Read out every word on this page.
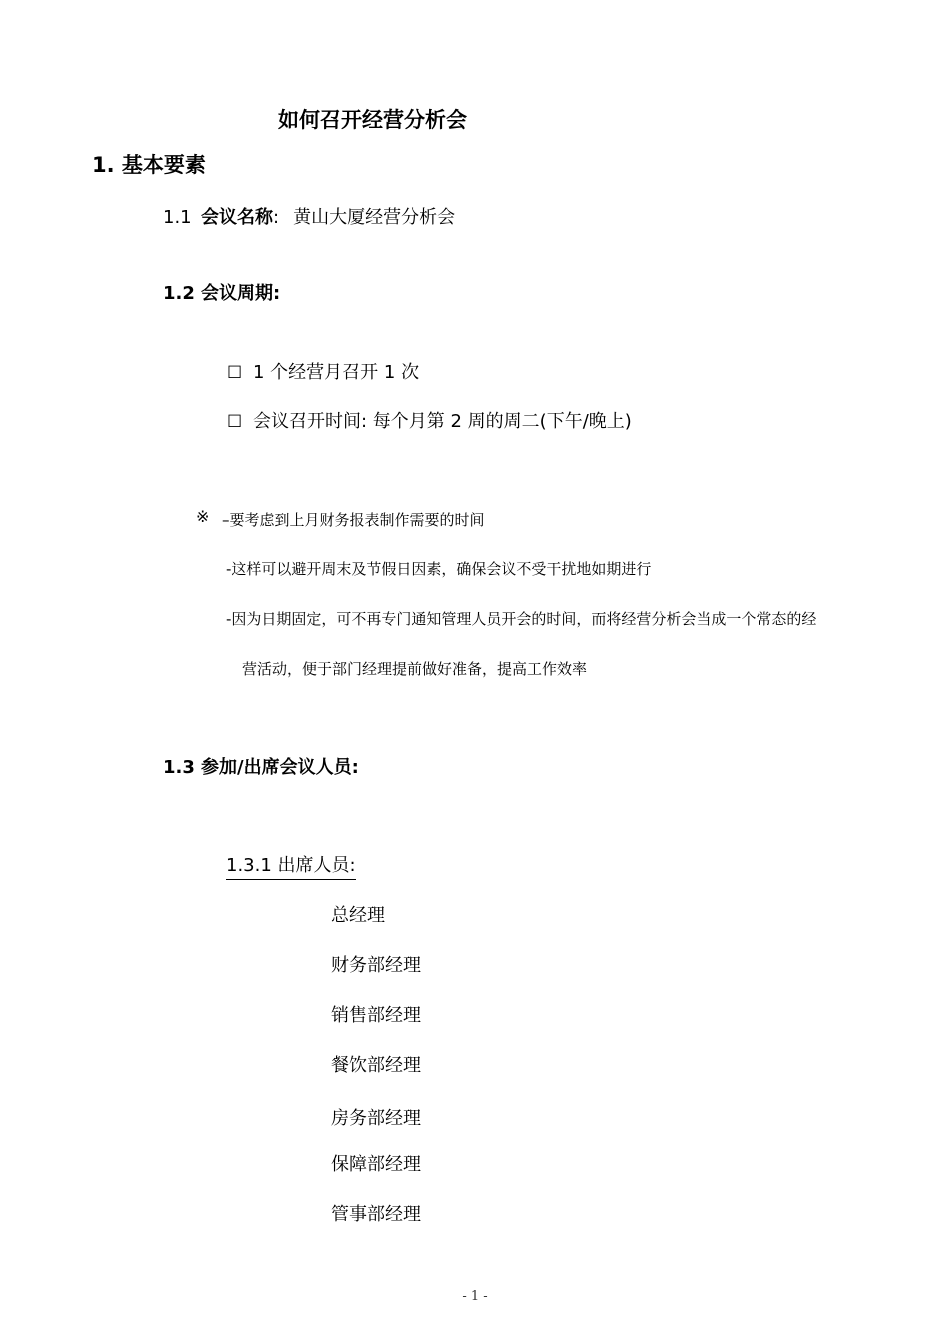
如何召开经营分析会
1. 基本要素
1.1 会议名称: 黄山大厦经营分析会
1.2 会议周期:
☐ 1 个经营月召开 1 次
☐ 会议召开时间: 每个月第 2 周的周二(下午/晚上)
※ –要考虑到上月财务报表制作需要的时间
-这样可以避开周末及节假日因素，确保会议不受干扰地如期进行
-因为日期固定，可不再专门通知管理人员开会的时间，而将经营分析会当成一个常态的经
营活动，便于部门经理提前做好准备，提高工作效率
1.3 参加/出席会议人员:
1.3.1 出席人员:
总经理
财务部经理
销售部经理
餐饮部经理
房务部经理
保障部经理
管事部经理
- 1 -
